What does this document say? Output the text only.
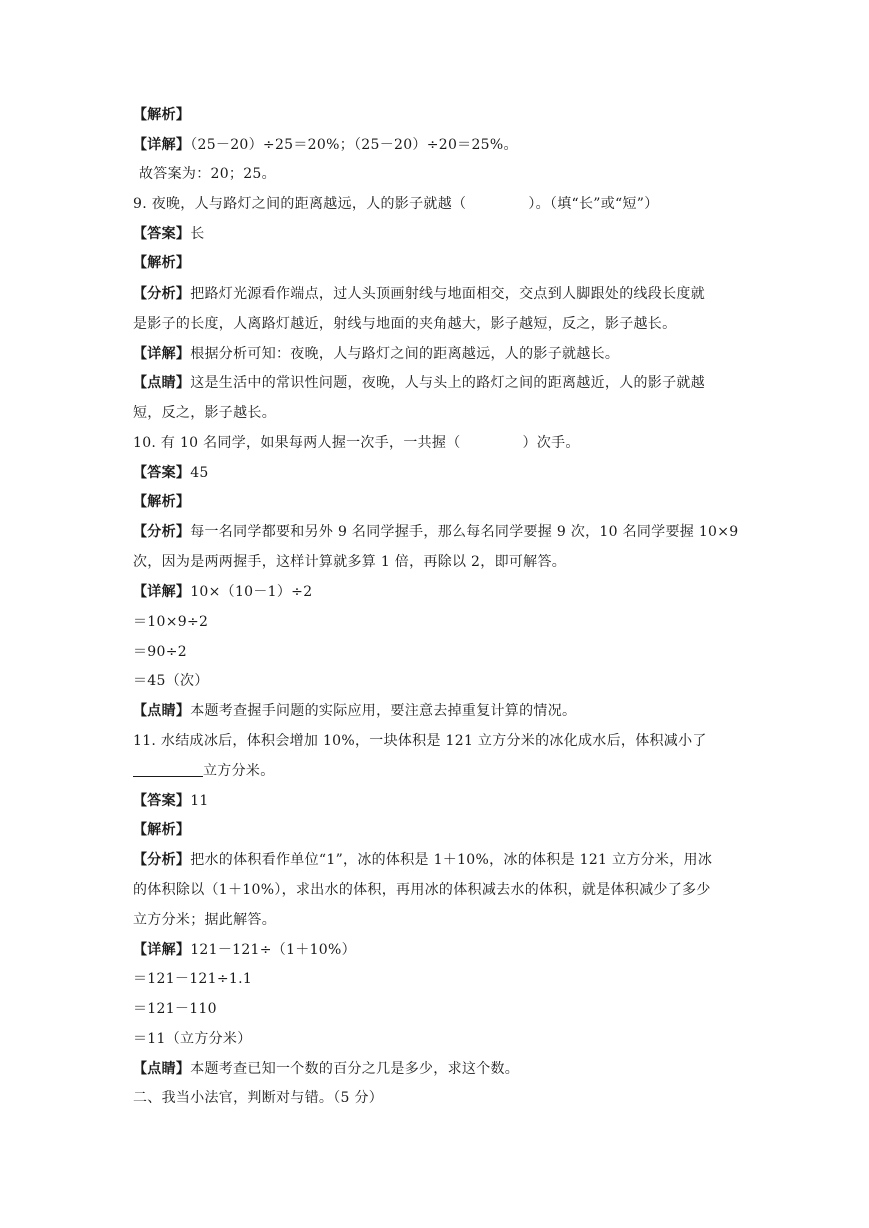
【解析】
【详解】（25－20）÷25＝20%；（25－20）÷20＝25%。
故答案为：20；25。
9. 夜晚，人与路灯之间的距离越远，人的影子就越（	）。（填“长”或“短”）
【答案】长
【解析】
【分析】把路灯光源看作端点，过人头顶画射线与地面相交，交点到人脚跟处的线段长度就
是影子的长度，人离路灯越近，射线与地面的夹角越大，影子越短，反之，影子越长。
【详解】根据分析可知：夜晚，人与路灯之间的距离越远，人的影子就越长。
【点睛】这是生活中的常识性问题，夜晚，人与头上的路灯之间的距离越近，人的影子就越
短，反之，影子越长。
10. 有 10 名同学，如果每两人握一次手，一共握（	）次手。
【答案】45
【解析】
【分析】每一名同学都要和另外 9 名同学握手，那么每名同学要握 9 次，10 名同学要握 10×9
次，因为是两两握手，这样计算就多算 1 倍，再除以 2，即可解答。
【详解】10×（10－1）÷2
＝10×9÷2
＝90÷2
＝45（次）
【点睛】本题考查握手问题的实际应用，要注意去掉重复计算的情况。
11. 水结成冰后，体积会增加 10%，一块体积是 121 立方分米的冰化成水后，体积减小了
立方分米。
【答案】11
【解析】
【分析】把水的体积看作单位“1”，冰的体积是 1＋10%，冰的体积是 121 立方分米，用冰
的体积除以（1＋10%），求出水的体积，再用冰的体积减去水的体积，就是体积减少了多少
立方分米；据此解答。
【详解】121－121÷（1＋10%）
＝121－121÷1.1
＝121－110
＝11（立方分米）
【点睛】本题考查已知一个数的百分之几是多少，求这个数。
二、我当小法官，判断对与错。（5 分）
